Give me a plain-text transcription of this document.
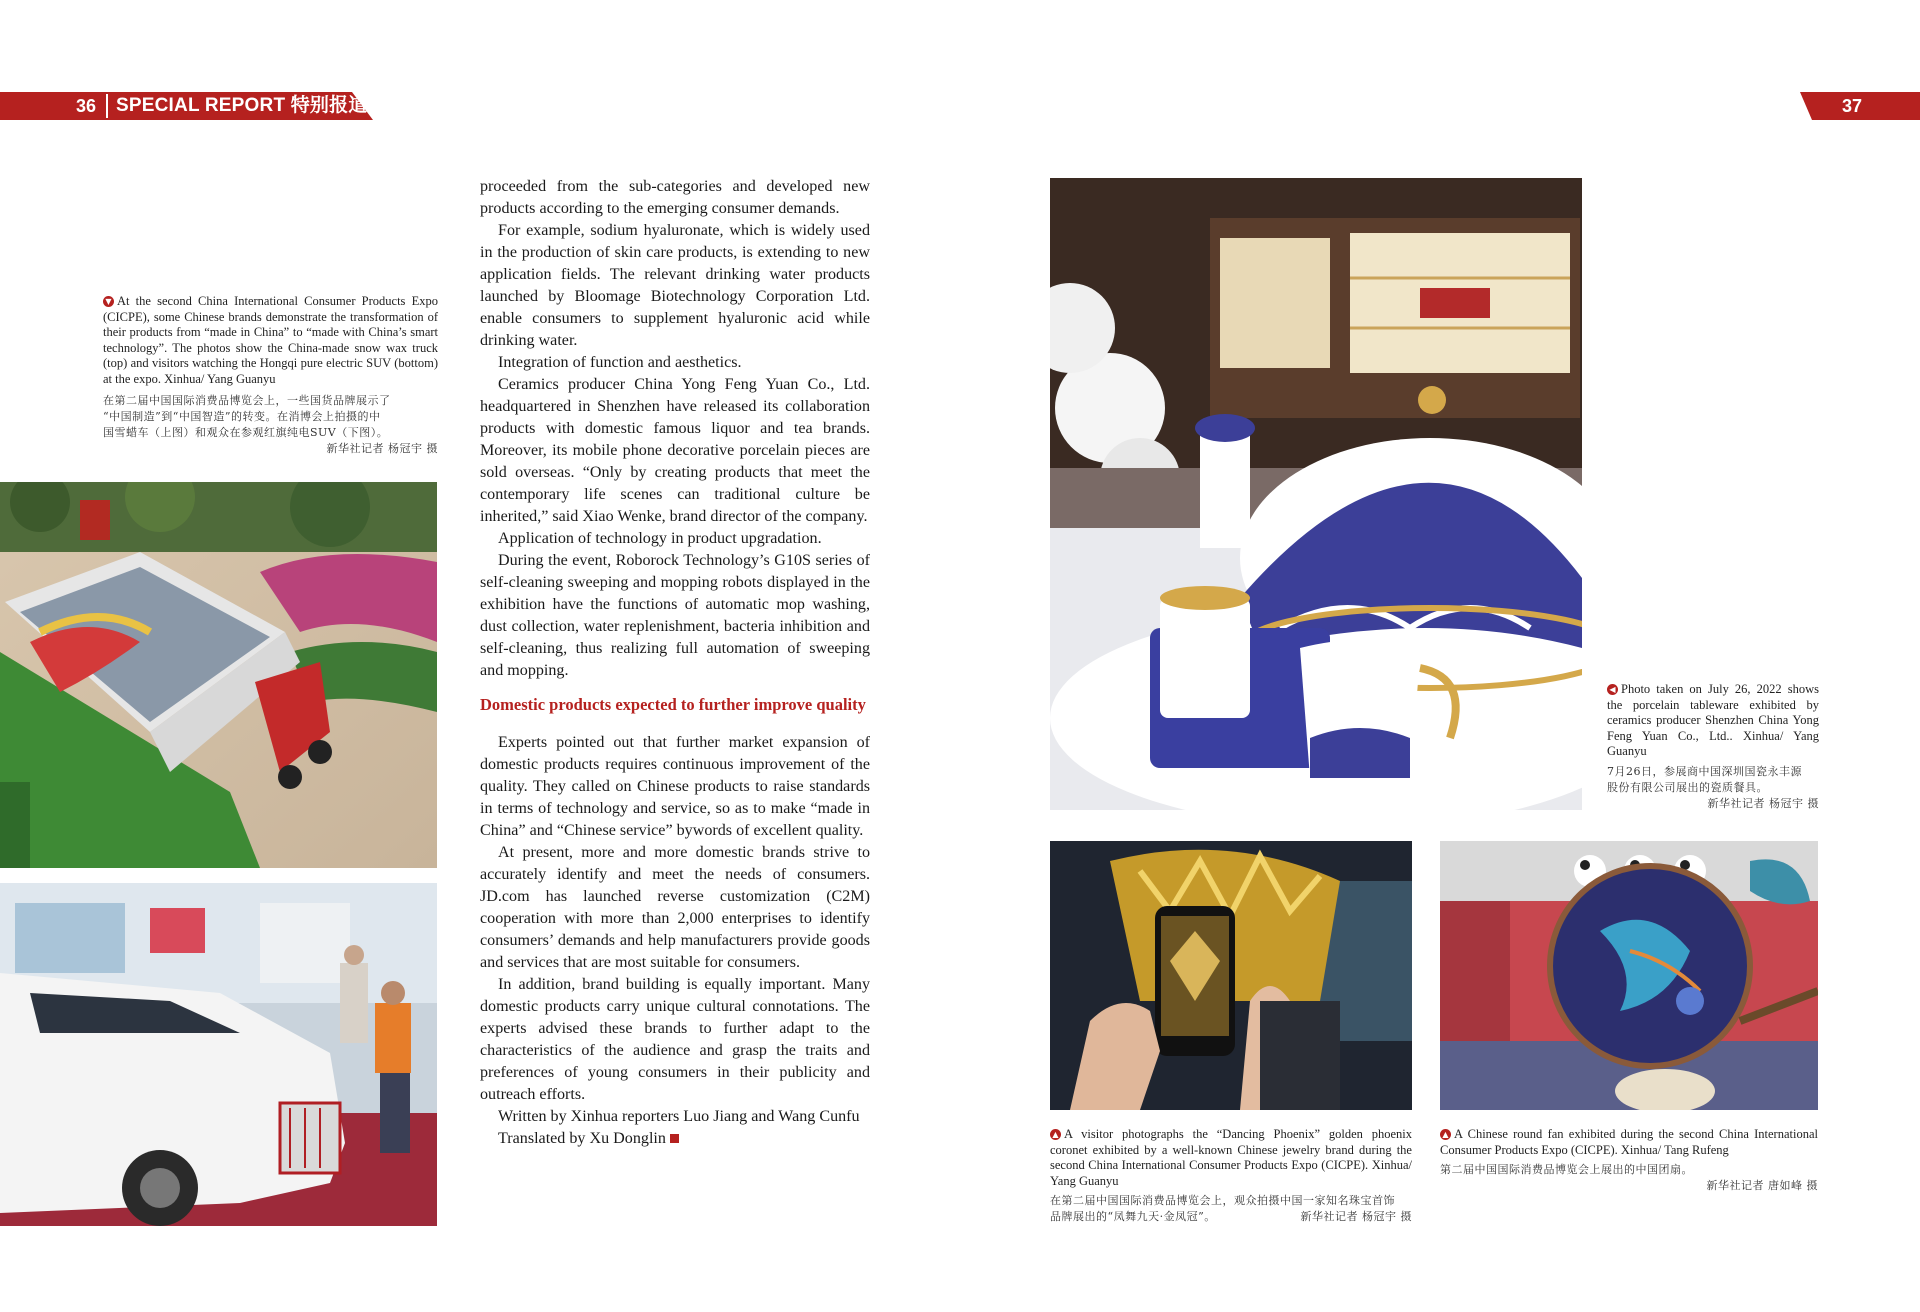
36	SPECIAL REPORT 特别报道	37
▼ At the second China International Consumer Products Expo (CICPE), some Chinese brands demonstrate the transformation of their products from “made in China” to “made with China’s smart technology”. The photos show the China-made snow wax truck (top) and visitors watching the Hongqi pure electric SUV (bottom) at the expo. Xinhua/ Yang Guanyu
在第二届中国国际消费品博览会上，一些国货品牌展示了
“中国制造”到“中国智造”的转变。在消博会上拍摄的中
国雪蜡车（上图）和观众在参观红旗纯电SUV（下图）。
新华社记者 杨冠宇 摄

proceeded from the sub-categories and developed new products according to the emerging consumer demands.

For example, sodium hyaluronate, which is widely used in the production of skin care products, is extending to new application fields. The relevant drinking water products launched by Bloomage Biotechnology Corporation Ltd. enable consumers to supplement hyaluronic acid while drinking water.

Integration of function and aesthetics.

Ceramics producer China Yong Feng Yuan Co., Ltd. headquartered in Shenzhen have released its collaboration products with domestic famous liquor and tea brands. Moreover, its mobile phone decorative porcelain pieces are sold overseas. “Only by creating products that meet the contemporary life scenes can traditional culture be inherited,” said Xiao Wenke, brand director of the company.

Application of technology in product upgradation.

During the event, Roborock Technology’s G10S series of self-cleaning sweeping and mopping robots displayed in the exhibition have the functions of automatic mop washing, dust collection, water replenishment, bacteria inhibition and self-cleaning, thus realizing full automation of sweeping and mopping.

Domestic products expected to further improve quality

Experts pointed out that further market expansion of domestic products requires continuous improvement of the quality. They called on Chinese products to raise standards in terms of technology and service, so as to make “made in China” and “Chinese service” bywords of excellent quality.

At present, more and more domestic brands strive to accurately identify and meet the needs of consumers. JD.com has launched reverse customization (C2M) cooperation with more than 2,000 enterprises to identify consumers’ demands and help manufacturers provide goods and services that are most suitable for consumers.

In addition, brand building is equally important. Many domestic products carry unique cultural connotations. The experts advised these brands to further adapt to the characteristics of the audience and grasp the traits and preferences of young consumers in their publicity and outreach efforts.

Written by Xinhua reporters Luo Jiang and Wang Cunfu

Translated by Xu Donglin

◀ Photo taken on July 26, 2022 shows the porcelain tableware exhibited by ceramics producer Shenzhen China Yong Feng Yuan Co., Ltd.. Xinhua/ Yang Guanyu
7月26日，参展商中国深圳国瓷永丰源
股份有限公司展出的瓷质餐具。
新华社记者 杨冠宇 摄
▲ A visitor photographs the “Dancing Phoenix” golden phoenix coronet exhibited by a well-known Chinese jewelry brand during the second China International Consumer Products Expo (CICPE). Xinhua/ Yang Guanyu
在第二届中国国际消费品博览会上，观众拍摄中国一家知名珠宝首饰
品牌展出的“凤舞九天·金凤冠”。	新华社记者 杨冠宇 摄
▲ A Chinese round fan exhibited during the second China International Consumer Products Expo (CICPE). Xinhua/ Tang Rufeng
第二届中国国际消费品博览会上展出的中国团扇。
新华社记者 唐如峰 摄
